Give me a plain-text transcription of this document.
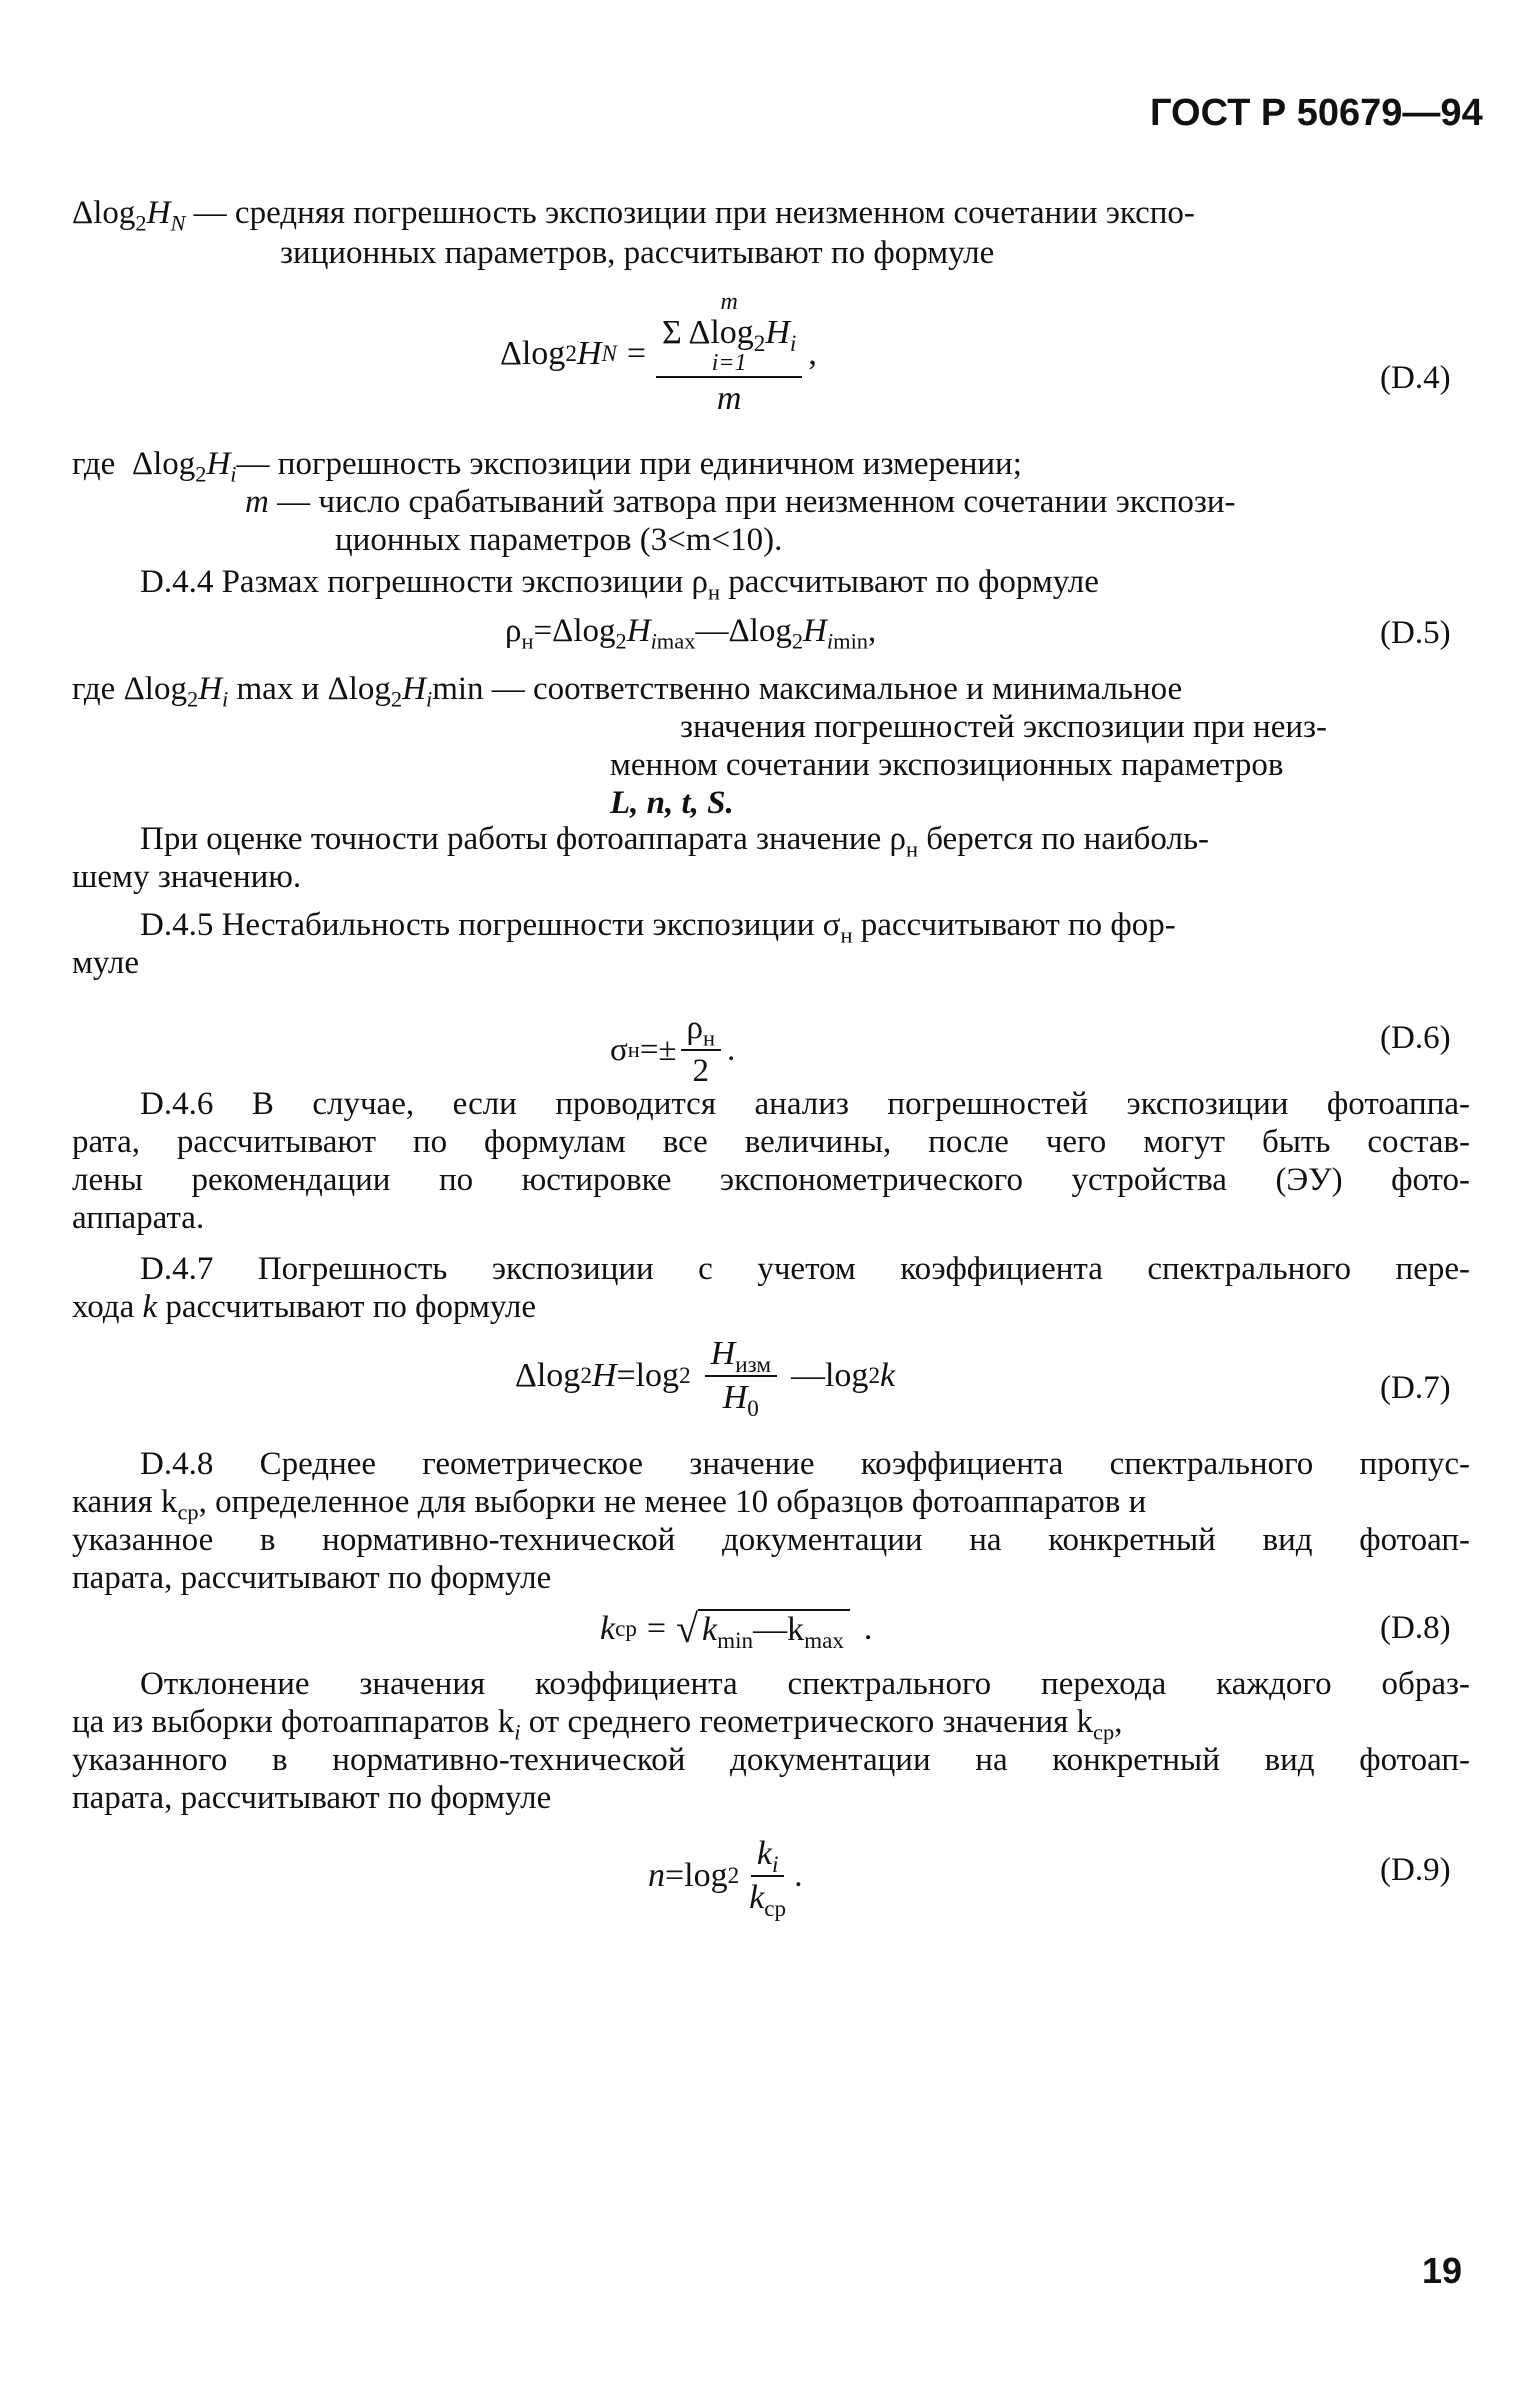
ГОСТ Р 50679—94
$\Delta\log_2H_N$ — средняя погрешность экспозиции при неизменном сочетании экспо-
зиционных параметров, рассчитывают по формуле
Δlog 2 H N = m
Σ $\Delta\log_2H_i$
i=1
m ,
(D.4)
где  $\Delta\log_2H_i—$ погрешность экспозиции при единичном измерении;
m — число срабатываний затвора при неизменном сочетании экспози-
ционных параметров (3<m<10).
D.4.4 Размах погрешности экспозиции $\rho_н$ рассчитывают по формуле
$\rho_н=\Delta\log_2H_{imax}—\Delta\log_2H_{imin}$,	(D.5)
где $\Delta\log_2H_i$ max и $\Delta\log_2H_i\min$ — соответственно максимальное и минимальное
значения погрешностей экспозиции при неиз-
менном сочетании экспозиционных параметров
L, n, t, S.
При оценке точности работы фотоаппарата значение $\rho_н$ берется по наиболь-
шему значению.
D.4.5 Нестабильность погрешности экспозиции $\sigma_н$ рассчитывают по фор-
муле
σ $н =\pm \frac{\rho_н}{2}$ .	(D.6)
D.4.6 В случае, если проводится анализ погрешностей экспозиции фотоаппа-
рата, рассчитывают по формулам все величины, после чего могут быть состав-
лены рекомендации по юстировке экспонометрического устройства (ЭУ) фото-
аппарата.
D.4.7 Погрешность экспозиции с учетом коэффициента спектрального пере-
хода k рассчитывают по формуле
Δlog 2 H =log $2 \frac{H_{изм}}{H_0}$ —log 2 k	(D.7)
D.4.8 Среднее геометрическое значение коэффициента спектрального пропус-
кания $k_{ср}$, определенное для выборки не менее 10 образцов фотоаппаратов и
указанное в нормативно-технической документации на конкретный вид фотоап-
парата, рассчитывают по формуле
k ср = √ $k_{min}—k_{max}$ .	(D.8)
Отклонение значения коэффициента спектрального перехода каждого образ-
ца из выборки фотоаппаратов $k_i$ от среднего геометрического значения $k_{ср}$,
указанного в нормативно-технической документации на конкретный вид фотоап-
парата, рассчитывают по формуле
n =log $2 \frac{k_i}{k_{ср}}$ .	(D.9)
19
